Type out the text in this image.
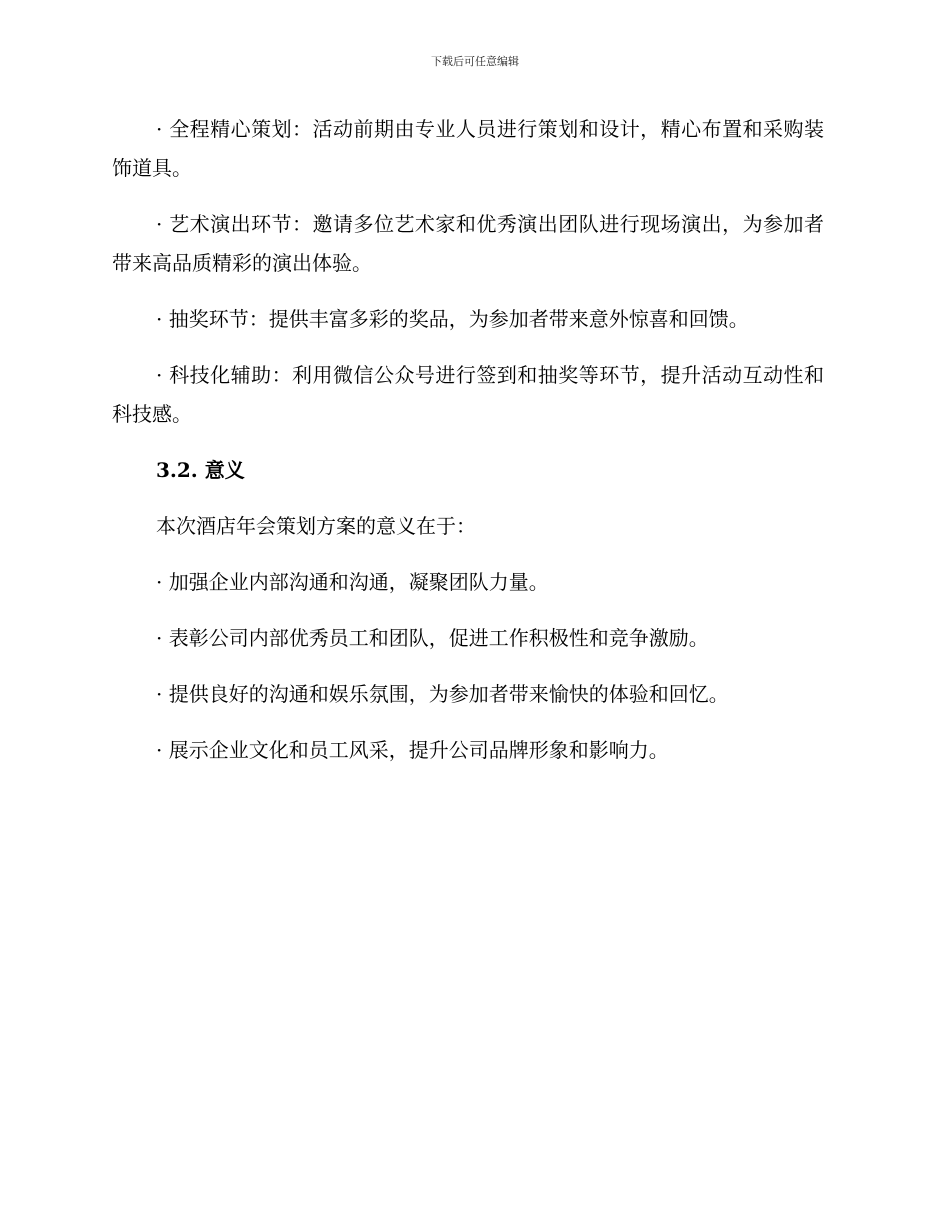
下载后可任意编辑

· 全程精心策划：活动前期由专业人员进行策划和设计，精心布置和采购装饰道具。

· 艺术演出环节：邀请多位艺术家和优秀演出团队进行现场演出，为参加者带来高品质精彩的演出体验。

· 抽奖环节：提供丰富多彩的奖品，为参加者带来意外惊喜和回馈。

· 科技化辅助：利用微信公众号进行签到和抽奖等环节，提升活动互动性和科技感。

3.2. 意义

本次酒店年会策划方案的意义在于：

· 加强企业内部沟通和沟通，凝聚团队力量。

· 表彰公司内部优秀员工和团队，促进工作积极性和竞争激励。

· 提供良好的沟通和娱乐氛围，为参加者带来愉快的体验和回忆。

· 展示企业文化和员工风采，提升公司品牌形象和影响力。
